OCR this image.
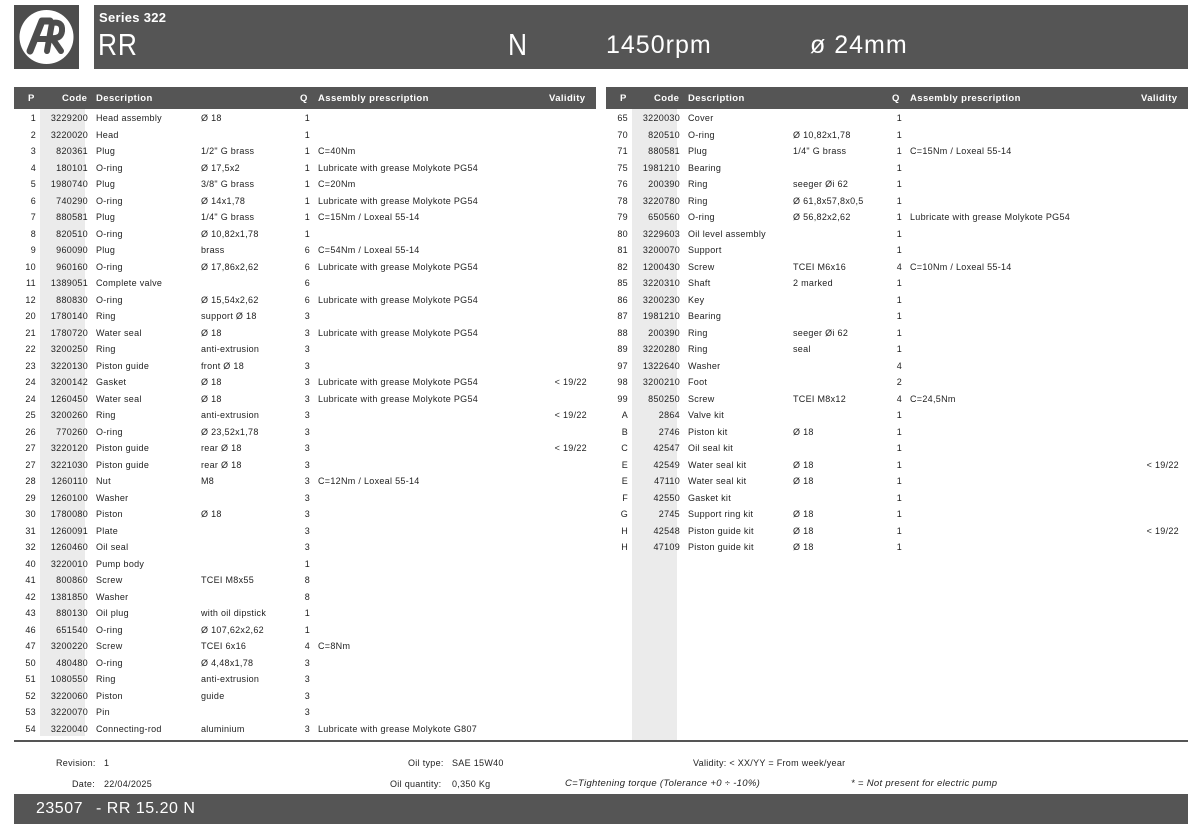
Series 322
RR	N	1450rpm	ø 24mm
P	Code Description	Q Assembly prescription	Validity
1	3229200 Head assembly	Ø 18	1
2	3220020 Head	1
3	820361 Plug	1/2" G brass	1 C=40Nm
4	180101 O-ring	Ø 17,5x2	1 Lubricate with grease Molykote PG54
5	1980740 Plug	3/8" G brass	1 C=20Nm
6	740290 O-ring	Ø 14x1,78	1 Lubricate with grease Molykote PG54
7	880581 Plug	1/4" G brass	1 C=15Nm / Loxeal 55-14
8	820510 O-ring	Ø 10,82x1,78	1
9	960090 Plug	brass	6 C=54Nm / Loxeal 55-14
10	960160 O-ring	Ø 17,86x2,62	6 Lubricate with grease Molykote PG54
11	1389051 Complete valve	6
12	880830 O-ring	Ø 15,54x2,62	6 Lubricate with grease Molykote PG54
20	1780140 Ring	support Ø 18	3
21	1780720 Water seal	Ø 18	3 Lubricate with grease Molykote PG54
22	3200250 Ring	anti-extrusion	3
23	3220130 Piston guide	front Ø 18	3
24	3200142 Gasket	Ø 18	3 Lubricate with grease Molykote PG54	< 19/22
24	1260450 Water seal	Ø 18	3 Lubricate with grease Molykote PG54
25	3200260 Ring	anti-extrusion	3	< 19/22
26	770260 O-ring	Ø 23,52x1,78	3
27	3220120 Piston guide	rear Ø 18	3	< 19/22
27	3221030 Piston guide	rear Ø 18	3
28	1260110 Nut	M8	3 C=12Nm / Loxeal 55-14
29	1260100 Washer	3
30	1780080 Piston	Ø 18	3
31	1260091 Plate	3
32	1260460 Oil seal	3
40	3220010 Pump body	1
41	800860 Screw	TCEI M8x55	8
42	1381850 Washer	8
43	880130 Oil plug	with oil dipstick	1
46	651540 O-ring	Ø 107,62x2,62	1
47	3200220 Screw	TCEI 6x16	4 C=8Nm
50	480480 O-ring	Ø 4,48x1,78	3
51	1080550 Ring	anti-extrusion	3
52	3220060 Piston	guide	3
53	3220070 Pin	3
54	3220040 Connecting-rod	aluminium	3 Lubricate with grease Molykote G807
P	Code Description	Q Assembly prescription	Validity
65	3220030 Cover	1
70	820510 O-ring	Ø 10,82x1,78	1
71	880581 Plug	1/4" G brass	1 C=15Nm / Loxeal 55-14
75	1981210 Bearing	1
76	200390 Ring	seeger Øi 62	1
78	3220780 Ring	Ø 61,8x57,8x0,5	1
79	650560 O-ring	Ø 56,82x2,62	1 Lubricate with grease Molykote PG54
80	3229603 Oil level assembly	1
81	3200070 Support	1
82	1200430 Screw	TCEI M6x16	4 C=10Nm / Loxeal 55-14
85	3220310 Shaft	2 marked	1
86	3200230 Key	1
87	1981210 Bearing	1
88	200390 Ring	seeger Øi 62	1
89	3220280 Ring	seal	1
97	1322640 Washer	4
98	3200210 Foot	2
99	850250 Screw	TCEI M8x12	4 C=24,5Nm
A	2864 Valve kit	1
B	2746 Piston kit	Ø 18	1
C	42547 Oil seal kit	1
E	42549 Water seal kit	Ø 18	1	< 19/22
E	47110 Water seal kit	Ø 18	1
F	42550 Gasket kit	1
G	2745 Support ring kit	Ø 18	1
H	42548 Piston guide kit	Ø 18	1	< 19/22
H	47109 Piston guide kit	Ø 18	1
Revision: 1
Date: 22/04/2025
Oil type: SAE 15W40
Oil quantity: 0,350 Kg
Validity: < XX/YY = From week/year
C=Tightening torque (Tolerance +0 ÷ -10%)	* = Not present for electric pump
23507 - RR 15.20 N
